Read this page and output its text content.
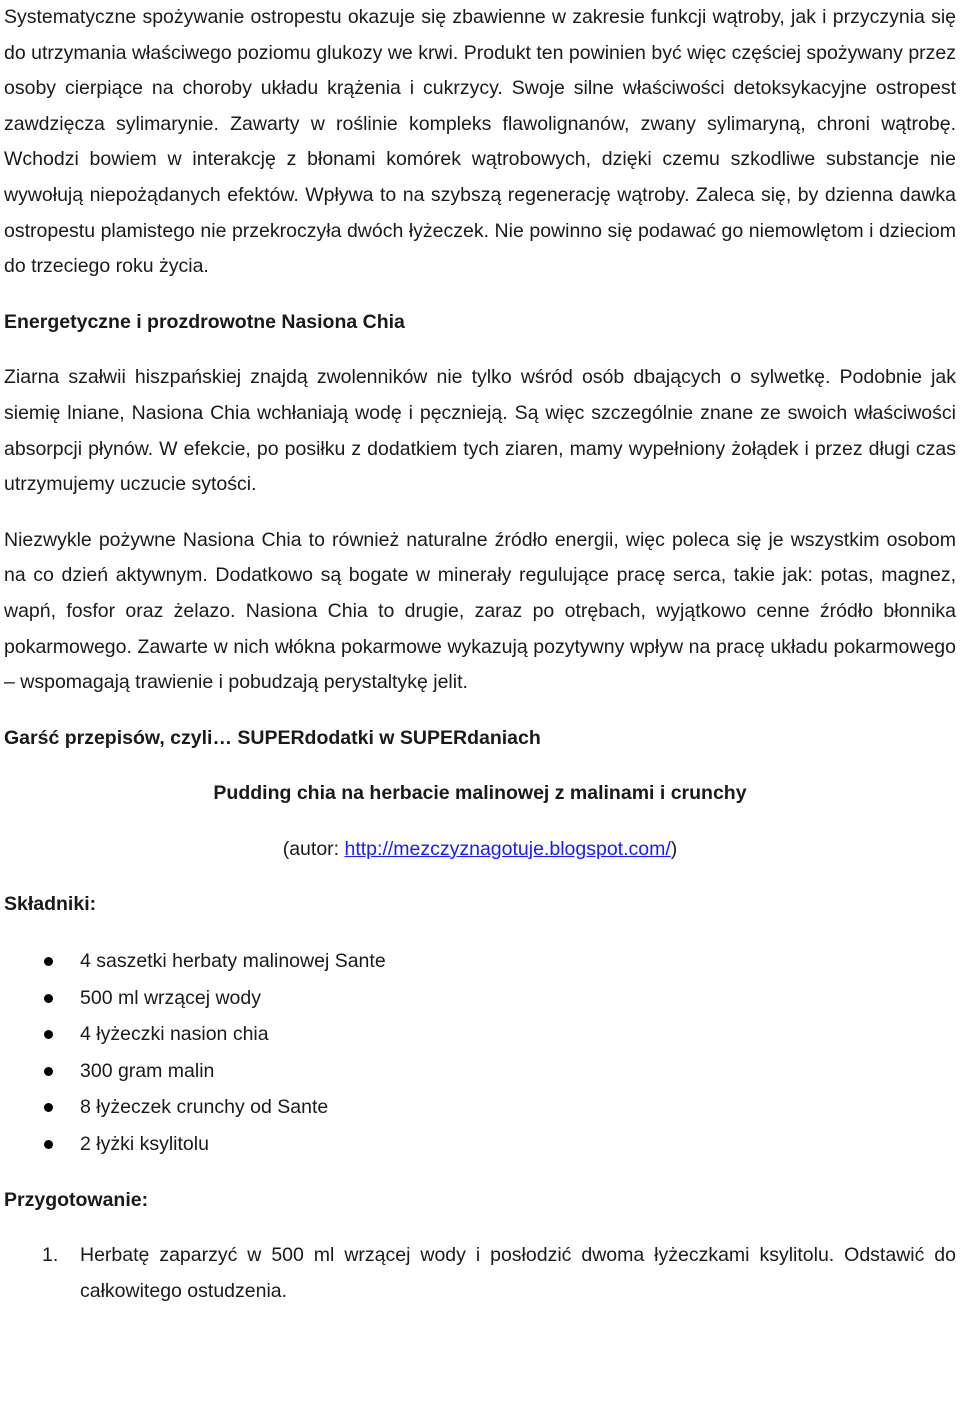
Systematyczne spożywanie ostropestu okazuje się zbawienne w zakresie funkcji wątroby, jak i przyczynia się do utrzymania właściwego poziomu glukozy we krwi. Produkt ten powinien być więc częściej spożywany przez osoby cierpiące na choroby układu krążenia i cukrzycy. Swoje silne właściwości detoksykacyjne ostropest zawdzięcza sylimarynie. Zawarty w roślinie kompleks flawolignanów, zwany sylimaryną, chroni wątrobę. Wchodzi bowiem w interakcję z błonami komórek wątrobowych, dzięki czemu szkodliwe substancje nie wywołują niepożądanych efektów. Wpływa to na szybszą regenerację wątroby. Zaleca się, by dzienna dawka ostropestu plamistego nie przekroczyła dwóch łyżeczek. Nie powinno się podawać go niemowlętom i dzieciom do trzeciego roku życia.

Energetyczne i prozdrowotne Nasiona Chia

Ziarna szałwii hiszpańskiej znajdą zwolenników nie tylko wśród osób dbających o sylwetkę. Podobnie jak siemię lniane, Nasiona Chia wchłaniają wodę i pęcznieją. Są więc szczególnie znane ze swoich właściwości absorpcji płynów. W efekcie, po posiłku z dodatkiem tych ziaren, mamy wypełniony żołądek i przez długi czas utrzymujemy uczucie sytości.

Niezwykle pożywne Nasiona Chia to również naturalne źródło energii, więc poleca się je wszystkim osobom na co dzień aktywnym. Dodatkowo są bogate w minerały regulujące pracę serca, takie jak: potas, magnez, wapń, fosfor oraz żelazo. Nasiona Chia to drugie, zaraz po otrębach, wyjątkowo cenne źródło błonnika pokarmowego. Zawarte w nich włókna pokarmowe wykazują pozytywny wpływ na pracę układu pokarmowego – wspomagają trawienie i pobudzają perystaltykę jelit.

Garść przepisów, czyli… SUPERdodatki w SUPERdaniach
Pudding chia na herbacie malinowej z malinami i crunchy

(autor: http://mezczyznagotuje.blogspot.com/)

Składniki:
4 saszetki herbaty malinowej Sante
500 ml wrzącej wody
4 łyżeczki nasion chia
300 gram malin
8 łyżeczek crunchy od Sante
2 łyżki ksylitolu
Przygotowanie:
1. Herbatę zaparzyć w 500 ml wrzącej wody i posłodzić dwoma łyżeczkami ksylitolu. Odstawić do całkowitego ostudzenia.
